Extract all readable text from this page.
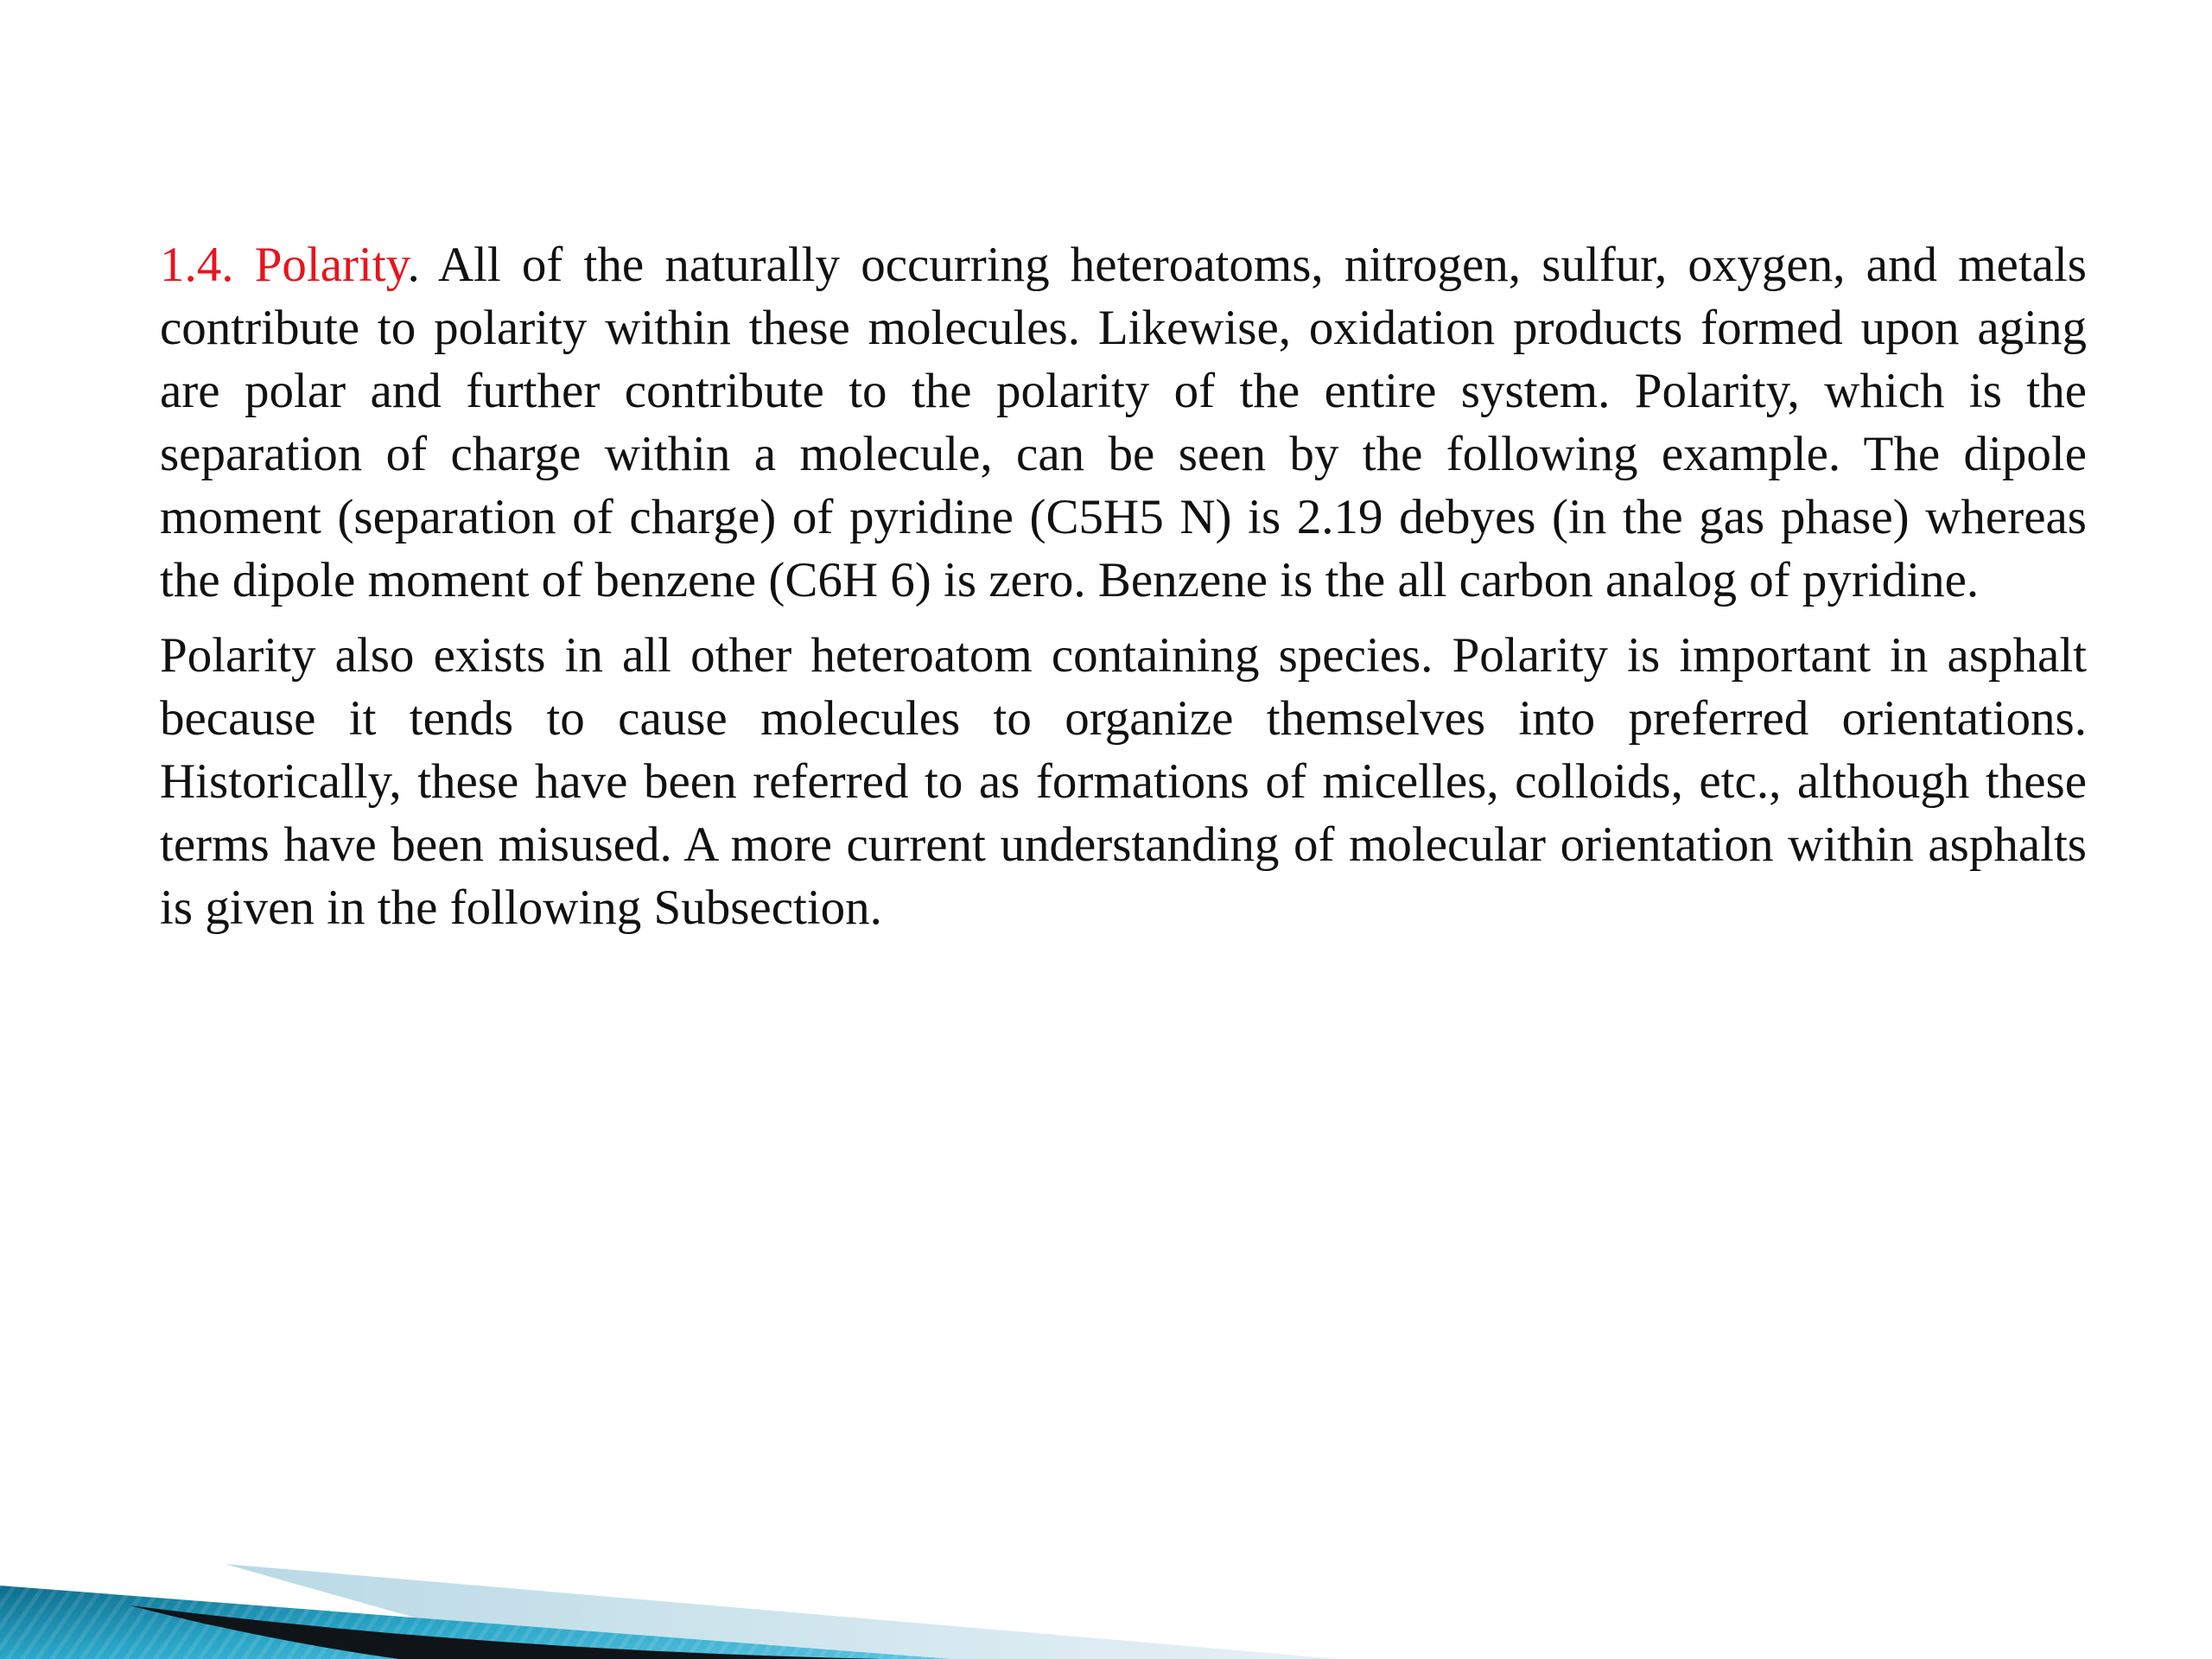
1.4. Polarity. All of the naturally occurring heteroatoms, nitrogen, sulfur, oxygen, and metals contribute to polarity within these molecules. Likewise, oxidation products formed upon aging are polar and further contribute to the polarity of the entire system. Polarity, which is the separation of charge within a molecule, can be seen by the following example. The dipole moment (separation of charge) of pyridine (C5H5 N) is 2.19 debyes (in the gas phase) whereas the dipole moment of benzene (C6H 6) is zero. Benzene is the all carbon analog of pyridine.

Polarity also exists in all other heteroatom containing species. Polarity is important in asphalt because it tends to cause molecules to organize themselves into preferred orientations. Historically, these have been referred to as formations of micelles, colloids, etc., although these terms have been misused. A more current understanding of molecular orientation within asphalts is given in the following Subsection.
